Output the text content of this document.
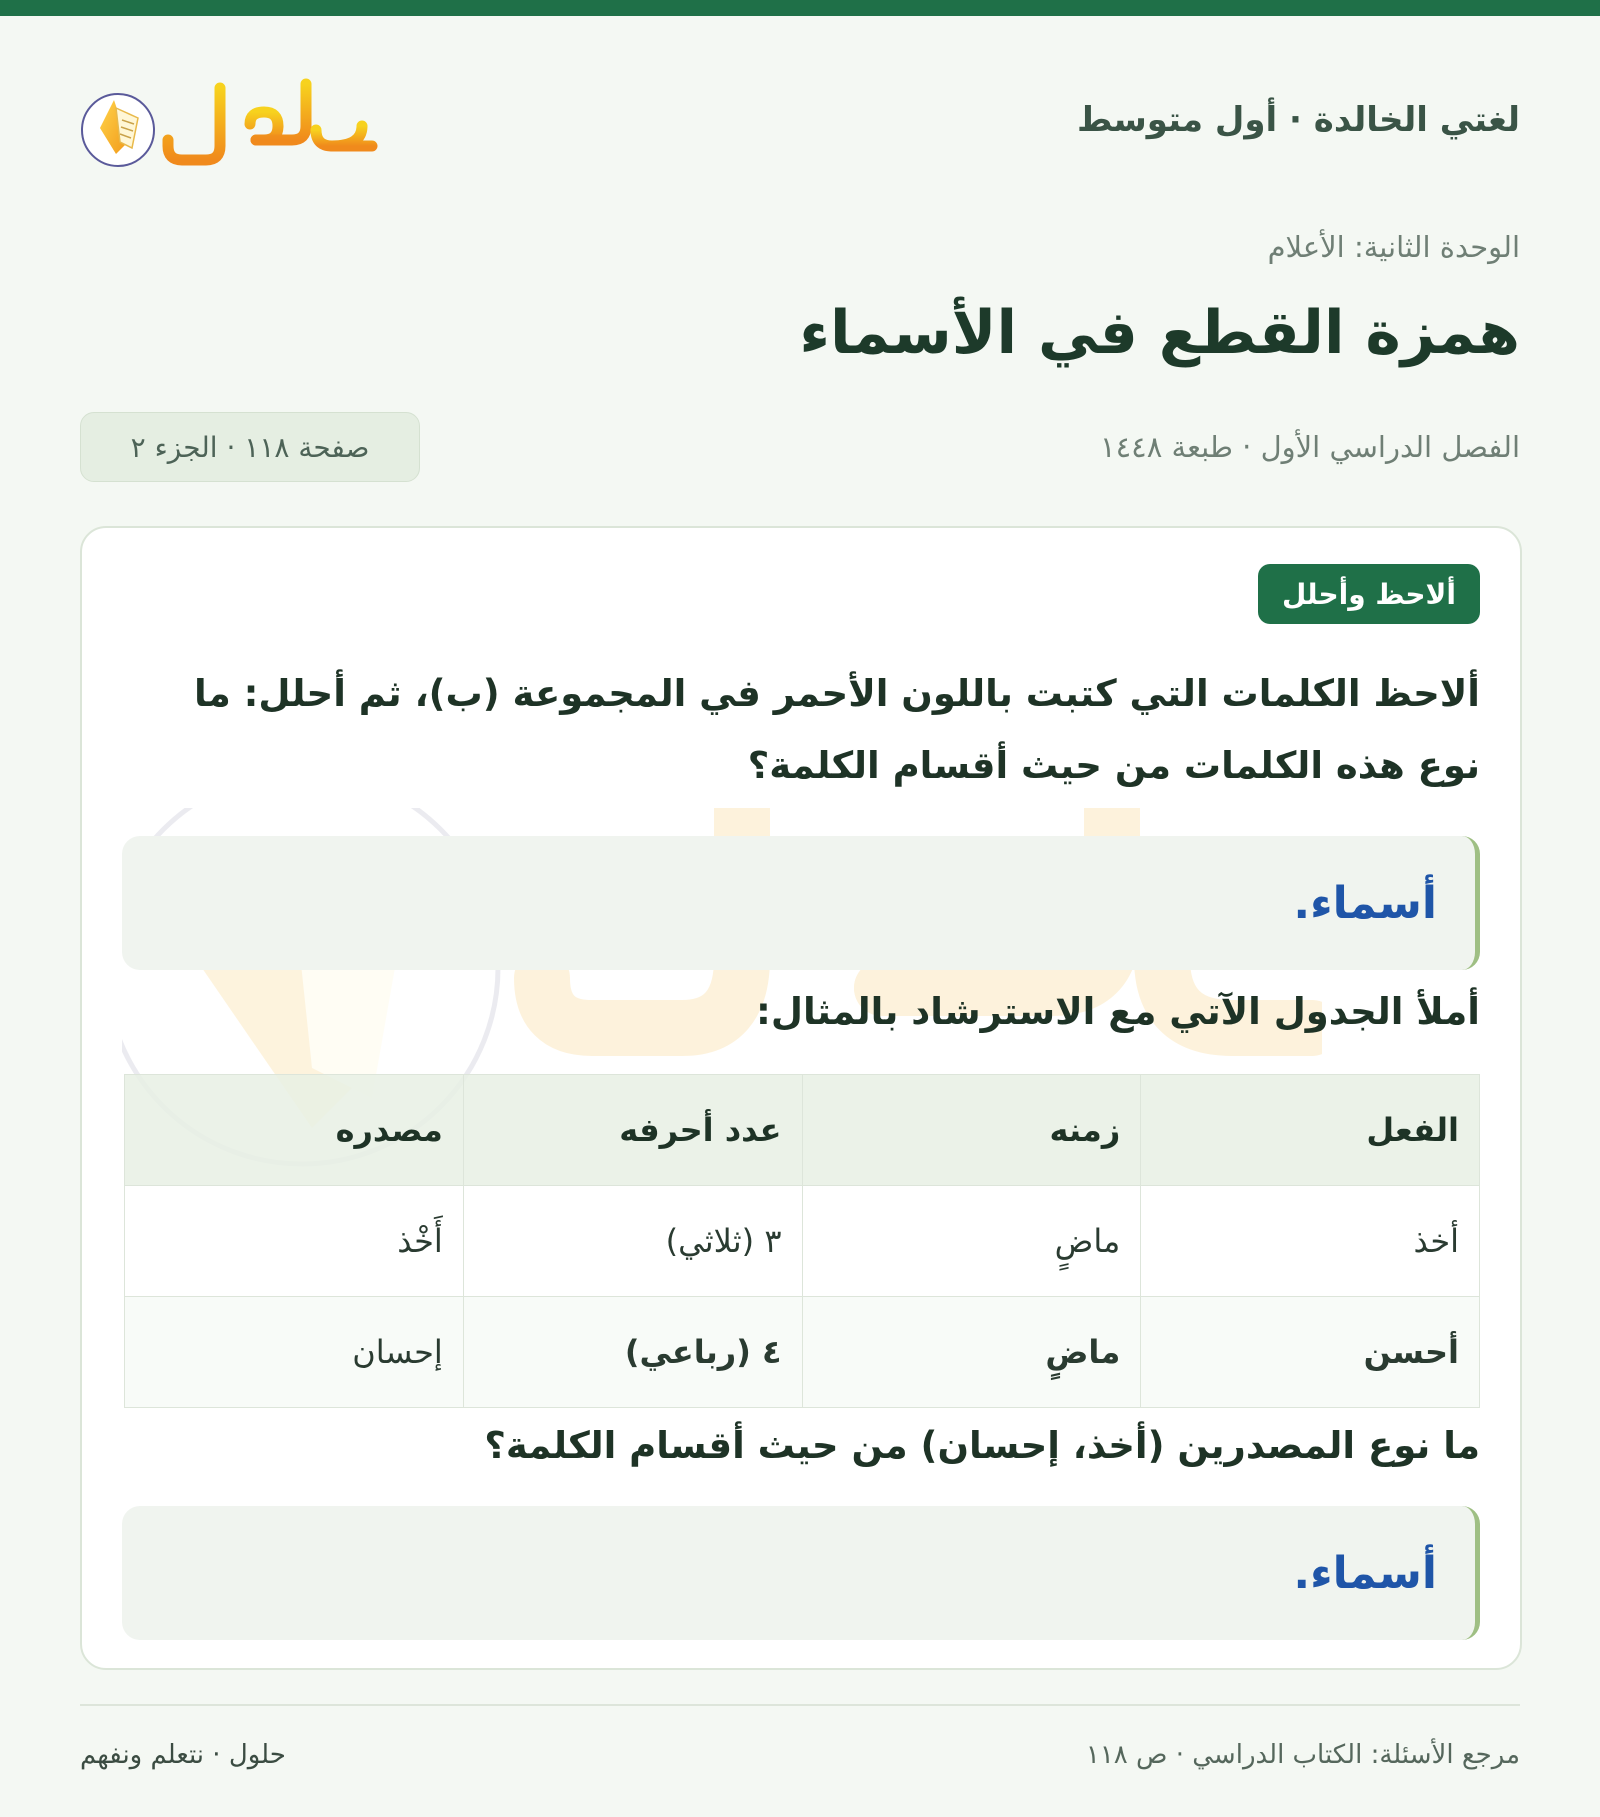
لغتي الخالدة · أول متوسط
الوحدة الثانية: الأعلام
همزة القطع في الأسماء
الفصل الدراسي الأول · طبعة ١٤٤٨
صفحة ١١٨ · الجزء ٢
ألاحظ وأحلل

ألاحظ الكلمات التي كتبت باللون الأحمر في المجموعة (ب)، ثم أحلل: ما نوع هذه الكلمات من حيث أقسام الكلمة؟

أسماء.

أملأ الجدول الآتي مع الاسترشاد بالمثال:

الفعل	زمنه	عدد أحرفه	مصدره
أخذ	ماضٍ	٣ (ثلاثي)	أَخْذ
أحسن	ماضٍ	٤ (رباعي)	إحسان

ما نوع المصدرين (أخذ، إحسان) من حيث أقسام الكلمة؟

أسماء.
مرجع الأسئلة: الكتاب الدراسي · ص ١١٨
حلول · نتعلم ونفهم
